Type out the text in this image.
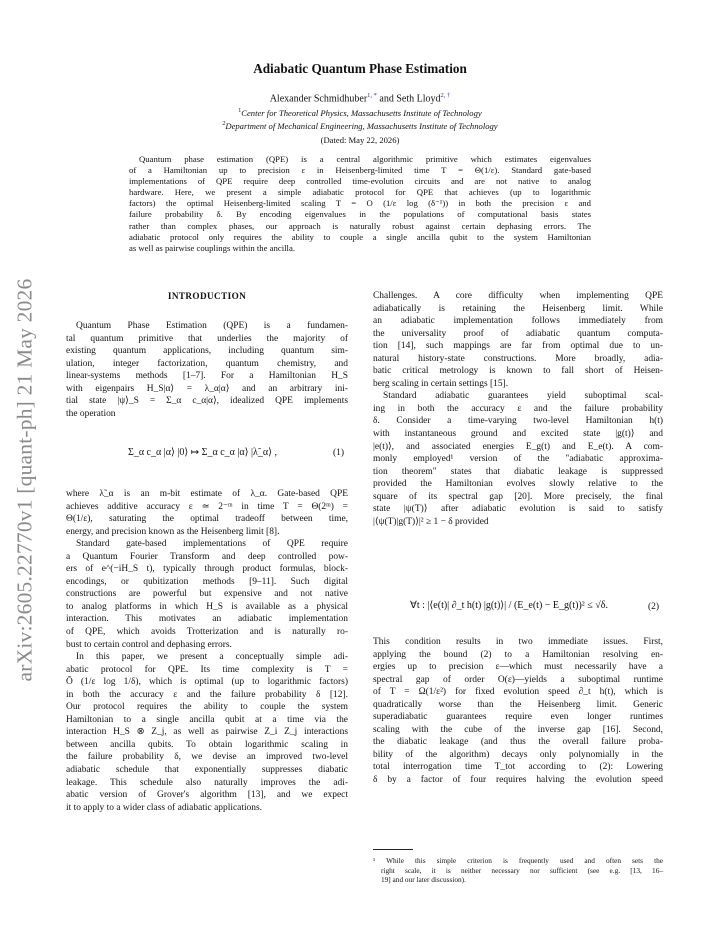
arXiv:2605.22770v1 [quant-ph] 21 May 2026
Adiabatic Quantum Phase Estimation
Alexander Schmidhuber$^{1, *}$ and Seth Lloyd$^{2, \dagger}$
$^1$Center for Theoretical Physics, Massachusetts Institute of Technology
$^2$Department of Mechanical Engineering, Massachusetts Institute of Technology
(Dated: May 22, 2026)
Quantum phase estimation (QPE) is a central algorithmic primitive which estimates eigenvalues
of a Hamiltonian up to precision ε in Heisenberg-limited time T = Θ(1/ε). Standard gate-based
implementations of QPE require deep controlled time-evolution circuits and are not native to analog
hardware. Here, we present a simple adiabatic protocol for QPE that achieves (up to logarithmic
factors) the optimal Heisenberg-limited scaling T = O (1/ε log (δ⁻¹)) in both the precision ε and
failure probability δ. By encoding eigenvalues in the populations of computational basis states
rather than complex phases, our approach is naturally robust against certain dephasing errors. The
adiabatic protocol only requires the ability to couple a single ancilla qubit to the system Hamiltonian
as well as pairwise couplings within the ancilla.
INTRODUCTION
Quantum Phase Estimation (QPE) is a fundamen-
tal quantum primitive that underlies the majority of
existing quantum applications, including quantum sim-
ulation, integer factorization, quantum chemistry, and
linear-systems methods [1–7]. For a Hamiltonian H_S
with eigenpairs H_S|α⟩ = λ_α|α⟩ and an arbitrary ini-
tial state |ψ⟩_S = Σ_α c_α|α⟩, idealized QPE implements
the operation
Σ_α c_α |α⟩ |0⟩ ↦ Σ_α c_α |α⟩ |λ̃_α⟩ ,	(1)
where λ̃_α is an m-bit estimate of λ_α. Gate-based QPE
achieves additive accuracy ε ≃ 2⁻ᵐ in time T = Θ(2ᵐ) =
Θ(1/ε), saturating the optimal tradeoff between time,
energy, and precision known as the Heisenberg limit [8].
Standard gate-based implementations of QPE require
a Quantum Fourier Transform and deep controlled pow-
ers of e^(−iH_S t), typically through product formulas, block-
encodings, or qubitization methods [9–11]. Such digital
constructions are powerful but expensive and not native
to analog platforms in which H_S is available as a physical
interaction. This motivates an adiabatic implementation
of QPE, which avoids Trotterization and is naturally ro-
bust to certain control and dephasing errors.
In this paper, we present a conceptually simple adi-
abatic protocol for QPE. Its time complexity is T =
Õ (1/ε log 1/δ), which is optimal (up to logarithmic factors)
in both the accuracy ε and the failure probability δ [12].
Our protocol requires the ability to couple the system
Hamiltonian to a single ancilla qubit at a time via the
interaction H_S ⊗ Z_j, as well as pairwise Z_i Z_j interactions
between ancilla qubits. To obtain logarithmic scaling in
the failure probability δ, we devise an improved two-level
adiabatic schedule that exponentially suppresses diabatic
leakage. This schedule also naturally improves the adi-
abatic version of Grover's algorithm [13], and we expect
it to apply to a wider class of adiabatic applications.
Challenges. A core difficulty when implementing QPE
adiabatically is retaining the Heisenberg limit. While
an adiabatic implementation follows immediately from
the universality proof of adiabatic quantum computa-
tion [14], such mappings are far from optimal due to un-
natural history-state constructions. More broadly, adia-
batic critical metrology is known to fall short of Heisen-
berg scaling in certain settings [15].
Standard adiabatic guarantees yield suboptimal scal-
ing in both the accuracy ε and the failure probability
δ. Consider a time-varying two-level Hamiltonian h(t)
with instantaneous ground and excited state |g(t)⟩ and
|e(t)⟩, and associated energies E_g(t) and E_e(t). A com-
monly employed¹ version of the "adiabatic approxima-
tion theorem" states that diabatic leakage is suppressed
provided the Hamiltonian evolves slowly relative to the
square of its spectral gap [20]. More precisely, the final
state |ψ(T)⟩ after adiabatic evolution is said to satisfy
|⟨ψ(T)|g(T)⟩|² ≥ 1 − δ provided
∀t : |⟨e(t)| ∂_t h(t) |g(t)⟩| / (E_e(t) − E_g(t))² ≤ √δ.	(2)
This condition results in two immediate issues. First,
applying the bound (2) to a Hamiltonian resolving en-
ergies up to precision ε—which must necessarily have a
spectral gap of order O(ε)—yields a suboptimal runtime
of T = Ω(1/ε²) for fixed evolution speed ∂_t h(t), which is
quadratically worse than the Heisenberg limit. Generic
superadiabatic guarantees require even longer runtimes
scaling with the cube of the inverse gap [16]. Second,
the diabatic leakage (and thus the overall failure proba-
bility of the algorithm) decays only polynomially in the
total interrogation time T_tot according to (2): Lowering
δ by a factor of four requires halving the evolution speed
¹ While this simple criterion is frequently used and often sets the
right scale, it is neither necessary nor sufficient (see e.g. [13, 16–
19] and our later discussion).
